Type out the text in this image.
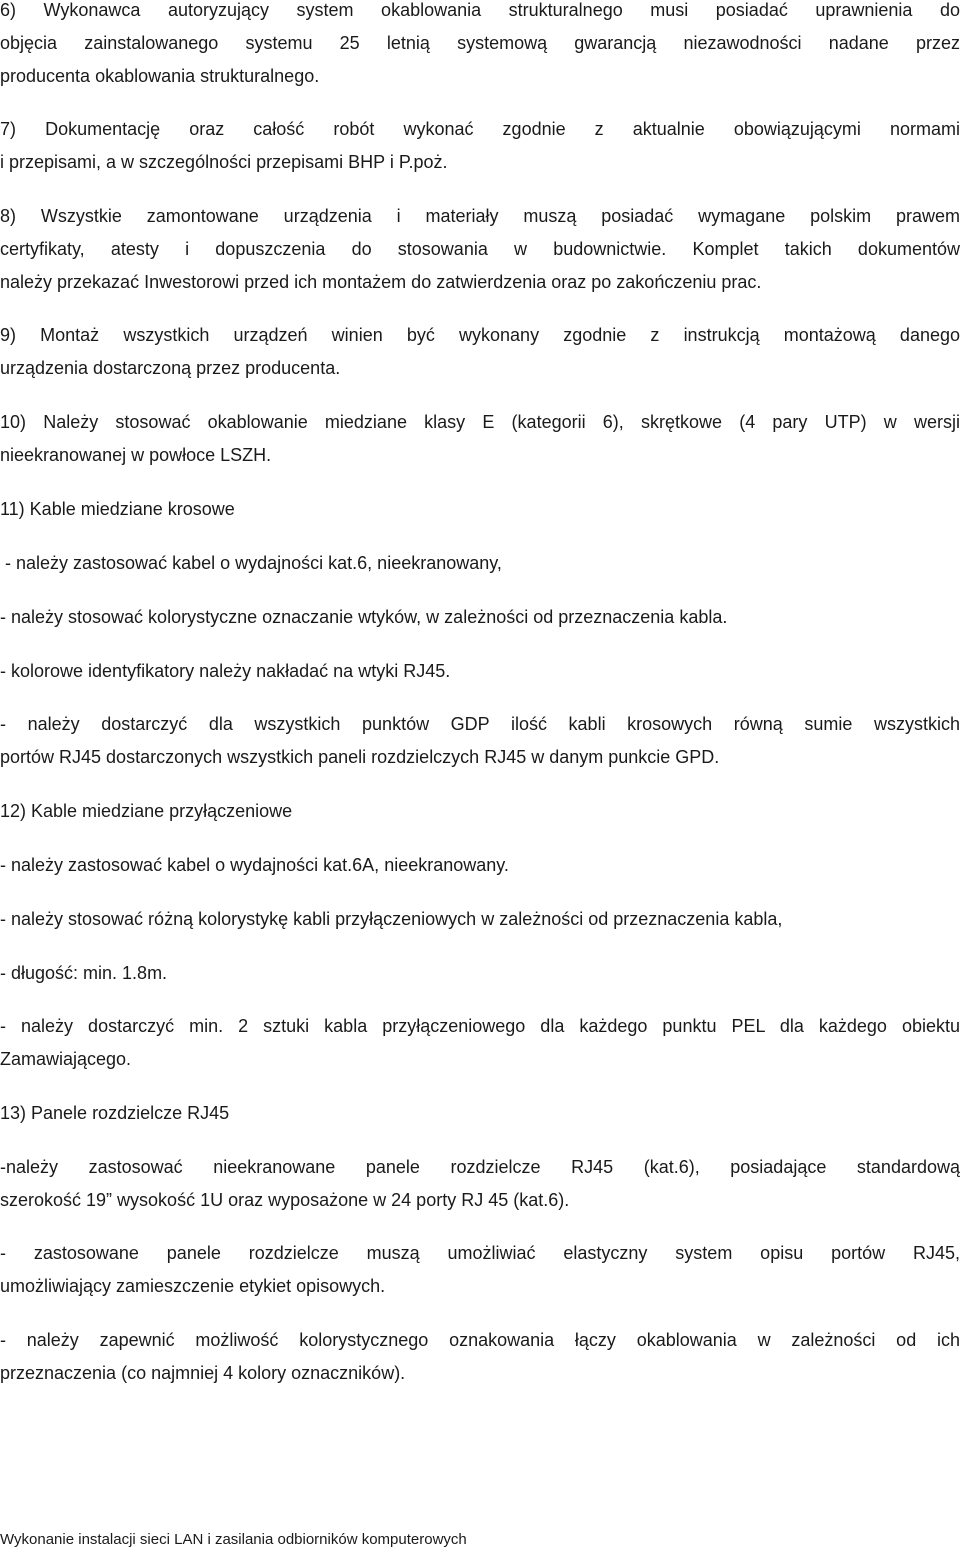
6) Wykonawca autoryzujący system okablowania strukturalnego musi posiadać uprawnienia do
objęcia zainstalowanego systemu 25 letnią systemową gwarancją niezawodności nadane przez
producenta okablowania strukturalnego.
7) Dokumentację oraz całość robót wykonać zgodnie z aktualnie obowiązującymi normami
i przepisami, a w szczególności przepisami BHP i P.poż.
8) Wszystkie zamontowane urządzenia i materiały muszą posiadać wymagane polskim prawem
certyfikaty, atesty i dopuszczenia do stosowania w budownictwie. Komplet takich dokumentów
należy przekazać Inwestorowi przed ich montażem do zatwierdzenia oraz po zakończeniu prac.
9) Montaż wszystkich urządzeń winien być wykonany zgodnie z instrukcją montażową danego
urządzenia dostarczoną przez producenta.
10) Należy stosować okablowanie miedziane klasy E (kategorii 6), skrętkowe (4 pary UTP) w wersji
nieekranowanej w powłoce LSZH.
11) Kable miedziane krosowe
- należy zastosować kabel o wydajności kat.6, nieekranowany,
- należy stosować kolorystyczne oznaczanie wtyków, w zależności od przeznaczenia kabla.
- kolorowe identyfikatory należy nakładać na wtyki RJ45.
- należy dostarczyć dla wszystkich punktów GDP ilość kabli krosowych równą sumie wszystkich
portów RJ45 dostarczonych wszystkich paneli rozdzielczych RJ45 w danym punkcie GPD.
12) Kable miedziane przyłączeniowe
- należy zastosować kabel o wydajności kat.6A, nieekranowany.
- należy stosować różną kolorystykę kabli przyłączeniowych w zależności od przeznaczenia kabla,
- długość: min. 1.8m.
- należy dostarczyć min. 2 sztuki kabla przyłączeniowego dla każdego punktu PEL dla każdego obiektu
Zamawiającego.
13) Panele rozdzielcze RJ45
-należy zastosować nieekranowane panele rozdzielcze RJ45 (kat.6), posiadające standardową
szerokość 19” wysokość 1U oraz wyposażone w 24 porty RJ 45 (kat.6).
- zastosowane panele rozdzielcze muszą umożliwiać elastyczny system opisu portów RJ45,
umożliwiający zamieszczenie etykiet opisowych.
- należy zapewnić możliwość kolorystycznego oznakowania łączy okablowania w zależności od ich
przeznaczenia (co najmniej 4 kolory oznaczników).
Wykonanie instalacji sieci LAN i zasilania odbiorników komputerowych
